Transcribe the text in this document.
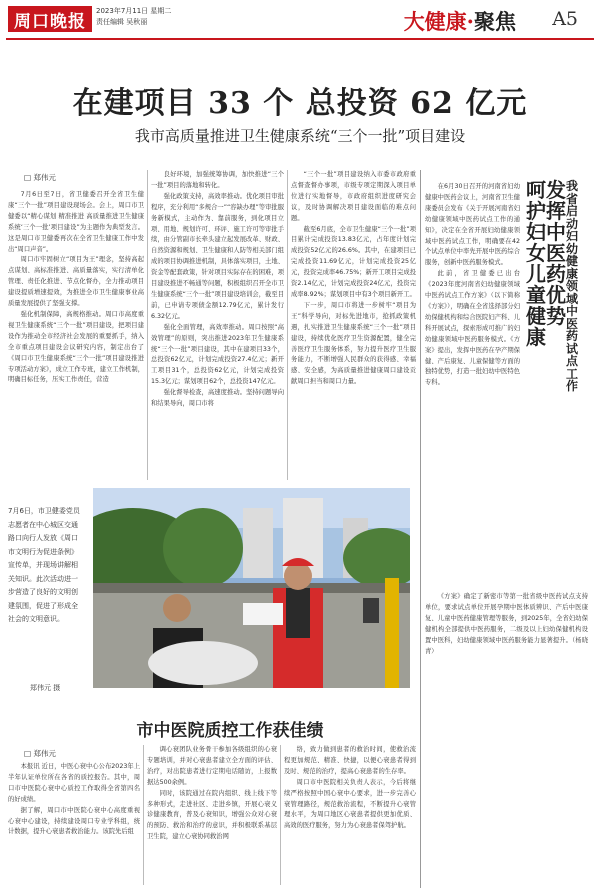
周口晚报
2023年7月11日 星期二
责任编辑 吴秋丽	大健康·聚焦 A5
在建项目 33 个 总投资 62 亿元
我市高质量推进卫生健康系统“三个一批”项目建设
□ 郑伟元

7月6日至7日，省卫健委召开全省卫生健康“三个一批”项目建设现场会。会上，周口市卫健委以“精心谋划 精准推进 高质量推进卫生健康系统‘三个一批’项目建设”为主题作为典型发言。这是周口市卫健委再次在全省卫生健康工作中发出“周口声音”。

周口市牢固树立“项目为王”理念，坚持高起点谋划、高标准推进、高质量落实，实行清单化管理、责任化推进、节点化督办，全力推动项目建设提质增速提效，为推进全市卫生健康事业高质量发展提供了坚强支撑。

强化机制保障，高规格推动。周口市高度重视卫生健康系统“三个一批”项目建设，把项目建设作为推动全市经济社会发展的重要抓手，纳入全市重点项目建设会议研究内容，制定出台了《周口市卫生健康系统“三个一批”项目建设推进专项活动方案》，成立工作专班，建立工作机制，明确目标任务，压实工作责任，营造

良好环境，加强统筹协调，加快推进“三个一批”项目的落地和转化。

强化政策支持，高效率推动。优化项目审批程序，充分利用“多规合一”“容缺办理”等审批服务新模式，主动作为、靠前服务，到化项目立项、用地、规划许可、环评、施工许可等审批手续，由分管副市长牵头建立起发展改革、财政、自然资源和规划、卫生健康和人防等相关部门组成的项目协调推进机制，具体落实项目，土地、资金等配套政策，针对项目实际存在的困难，项目建设推进不畅通等问题，积极组织召开全市卫生健康系统“三个一批”项目建设培训会，截至目前，已申请专项债金额12.79亿元，累计发行6.32亿元。

强化全面管理，高效率推动。周口按照“高效管理”的原则，突出推进2023年卫生健康系统“三个一批”项目建设，其中在建项目33个，总投资62亿元，计划完成投资27.4亿元；新开工项目31个，总投资62亿元，计划完成投资15.3亿元；谋划项目62个，总投资147亿元。

强化督导检查，高速度推动。坚持问题导向和结果导向，周口市将

“三个一批”项目建设纳入市委市政府重点督查督办事项，市级专项定期深入项目单位进行实地督导，市政府组织进度研究会议，及时协调解决项目建设面临的难点问题。

截至6月底，全市卫生健康“三个一批”项目累计完成投资13.83亿元，占年度计划完成投资52亿元的26.6%。其中，在建项目已完成投资11.69亿元，计划完成投资25亿元，投资完成率46.75%；新开工项目完成投资2.14亿元，计划完成投资24亿元，投资完成率8.92%；谋划项目中有3个项目新开工。

下一步，周口市将进一步树牢“项目为王”科学导向，对标先进地市，抢抓政策机遇，扎实推进卫生健康系统“三个一批”项目建设，持续优化医疗卫生资源配置，健全完善医疗卫生服务体系，努力提升医疗卫生服务能力，不断增强人民群众的获得感、幸福感、安全感，为高质量推进健康周口建设贡献周口担当和周口力量。

7月6日，市卫健委党员志愿者在中心城区交通路口向行人发放《周口市文明行为促进条例》宣传单，并现场讲解相关知识。此次活动进一步营造了良好的文明创建氛围，促进了形成全社会的文明意识。
郑伟元 摄
市中医院质控工作获佳绩
□ 郑伟元

本报讯 近日，中医心衰中心公布2023年上半年认证单位所在各省的质控报告。其中，周口市中医院心衰中心质控工作取得全省第四名的好成绩。

据了解，周口市中医院心衰中心高度重视心衰中心建设，持续建设周口专业学科组，统计数据，提升心衰患者救治能力。该院先后组

调心衰团队业务骨干参加各级组织的心衰专题培训，并对心衰患者建立全方面的评估、治疗，对出院患者进行定期电话随访，上报数据达500余例。

同时，该院通过在院内组织、线上线下等多种形式，走进社区、走进乡镇，开展心衰义诊健康教育，普及心衰知识，增强公众对心衰的预防、救治和治疗的意识，并积极联系基层卫生院，建立心衰协同救治网

络，致力做到患者的救治时间，使救治流程更加规范、精准、快捷，以便心衰患者得到及时、规范的治疗，提高心衰患者的生存率。

周口市中医院相关负责人表示，今后将继续严格按照中国心衰中心要求，进一步完善心衰管理路径，规范救治流程，不断提升心衰管理水平，为周口地区心衰患者提供更加优质、高效的医疗服务，努力为心衰患者保驾护航。

我省启动妇幼健康领域中医药试点工作
发挥中医药优势
呵护妇女儿童健康

在6月30日召开的河南省妇幼健康中医药会议上，河南省卫生健康委员会发布《关于开展河南省妇幼健康领域中医药试点工作的通知》，决定在全省开展妇幼健康领域中医药试点工作，明确要在42个试点单位中率先开展中医药综合服务，创新中医药服务模式。

此前，省卫健委已出台《2023年度河南省妇幼健康领域中医药试点工作方案》（以下简称《方案》），明确在全省选择部分妇幼保健机构和综合医院妇产科、儿科开展试点，探索形成可推广的妇幼健康领域中医药服务模式。《方案》提出，发挥中医药在孕产期保健、产后康复、儿童保健等方面的独特优势，打造一批妇幼中医特色专科。

《方案》确定了新密市等第一批省级中医药试点支持单位，要求试点单位开展孕期中医体质辨识、产后中医康复、儿童中医药健康管理等服务，到2025年，全省妇幼保健机构全部提供中医药服务，二级及以上妇幼保健机构设置中医科，妇幼健康领域中医药服务能力显著提升。（杨晓青）
